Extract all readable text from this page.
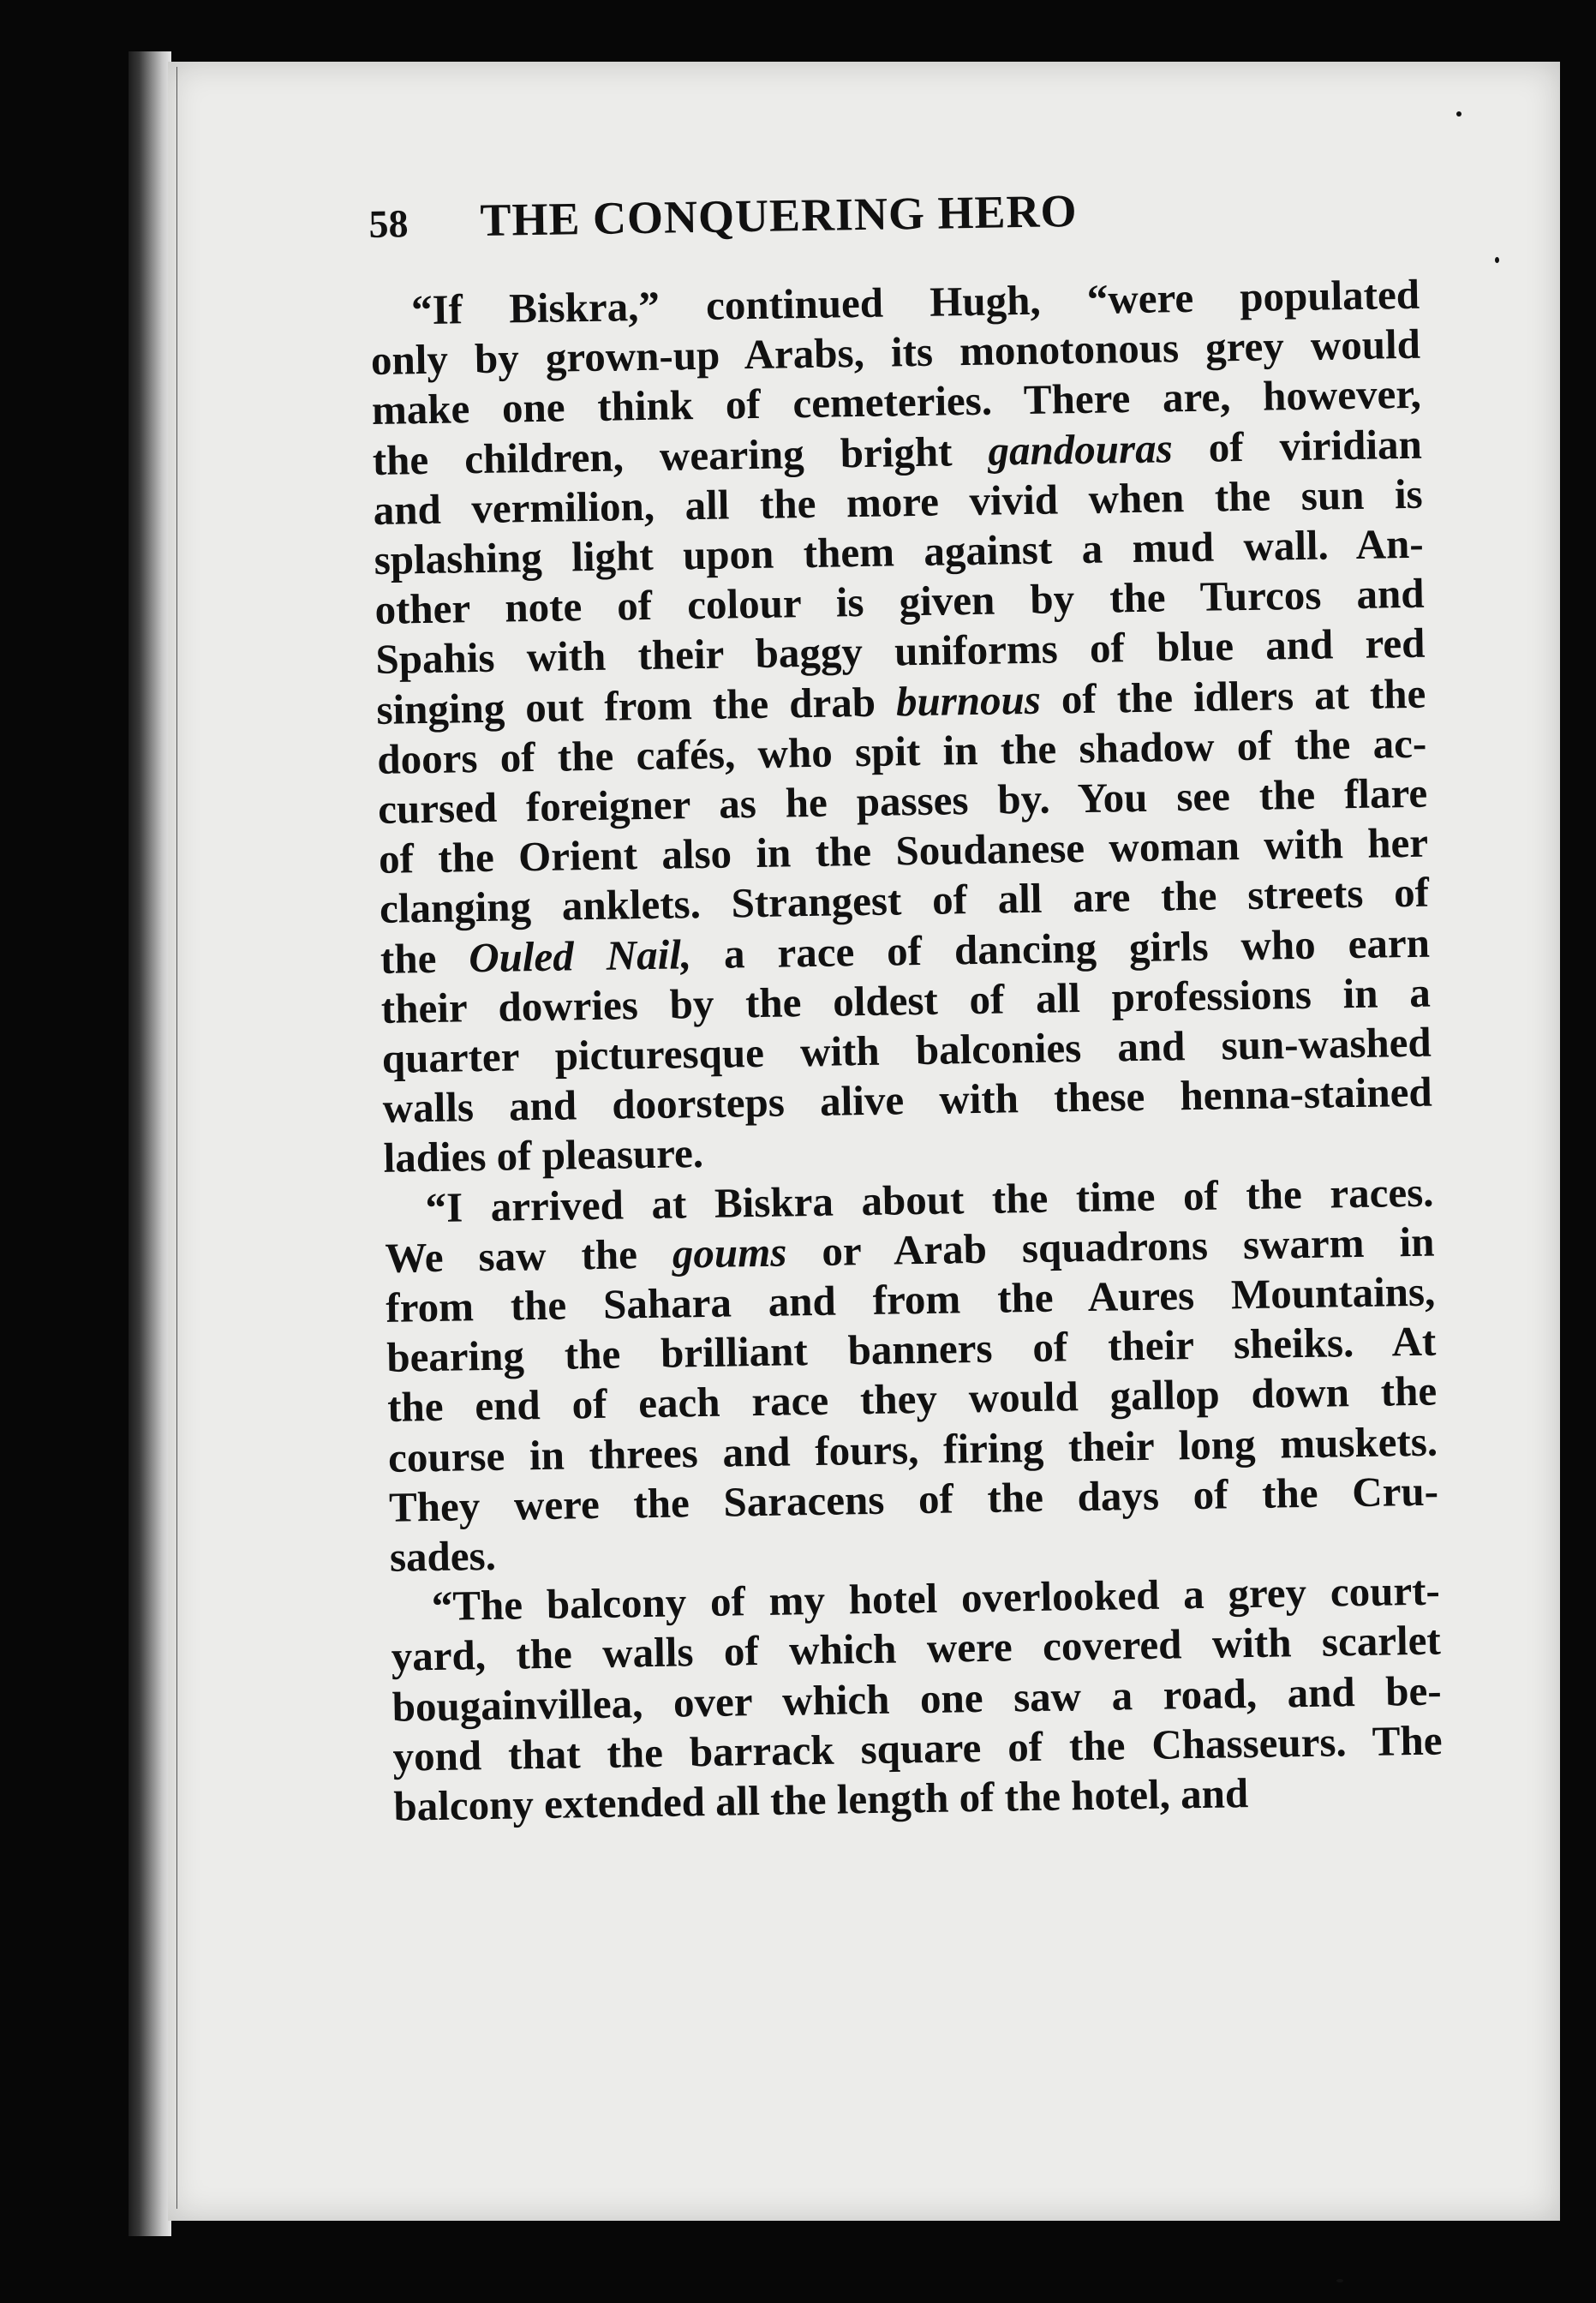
58	THE CONQUERING HERO
“If Biskra,” continued Hugh, “were populated
only by grown-up Arabs, its monotonous grey would
make one think of cemeteries. There are, however,
the children, wearing bright gandouras of viridian
and vermilion, all the more vivid when the sun is
splashing light upon them against a mud wall. An-
other note of colour is given by the Turcos and
Spahis with their baggy uniforms of blue and red
singing out from the drab burnous of the idlers at the
doors of the cafés, who spit in the shadow of the ac-
cursed foreigner as he passes by. You see the flare
of the Orient also in the Soudanese woman with her
clanging anklets. Strangest of all are the streets of
the Ouled Nail, a race of dancing girls who earn
their dowries by the oldest of all professions in a
quarter picturesque with balconies and sun-washed
walls and doorsteps alive with these henna-stained
ladies of pleasure.
“I arrived at Biskra about the time of the races.
We saw the goums or Arab squadrons swarm in
from the Sahara and from the Aures Mountains,
bearing the brilliant banners of their sheiks. At
the end of each race they would gallop down the
course in threes and fours, firing their long muskets.
They were the Saracens of the days of the Cru-
sades.
“The balcony of my hotel overlooked a grey court-
yard, the walls of which were covered with scarlet
bougainvillea, over which one saw a road, and be-
yond that the barrack square of the Chasseurs. The
balcony extended all the length of the hotel, and
